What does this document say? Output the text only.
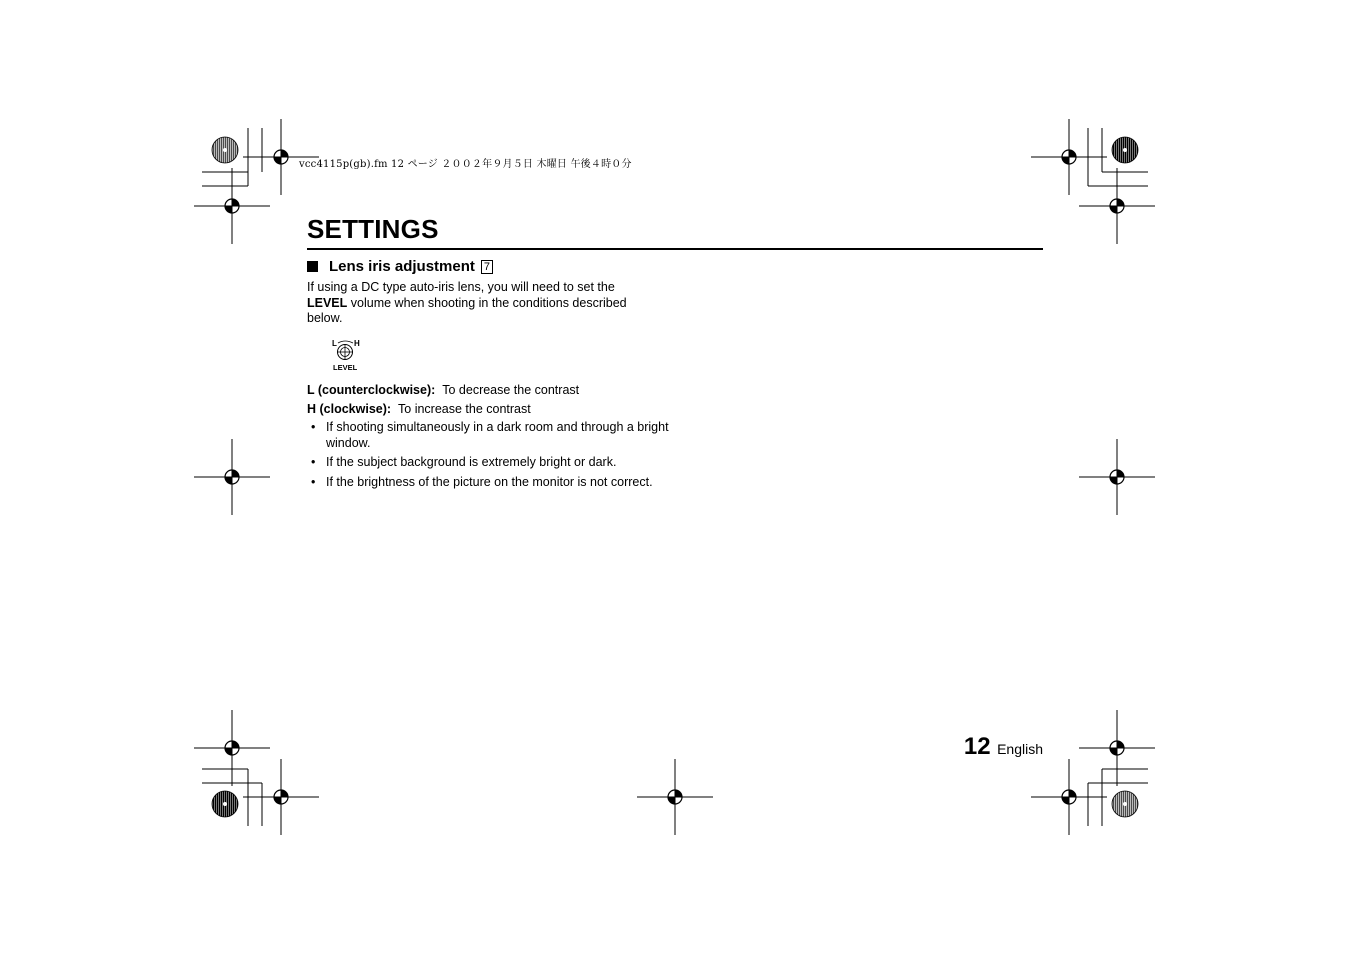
vcc4115p(gb).fm 12 ページ ２００２年９月５日 木曜日 午後４時０分
SETTINGS
Lens iris adjustment 7
If using a DC type auto-iris lens, you will need to set the LEVEL volume when shooting in the conditions described below.
L H
LEVEL
L (counterclockwise): To decrease the contrast
H (clockwise): To increase the contrast
• If shooting simultaneously in a dark room and through a bright window.
• If the subject background is extremely bright or dark.
• If the brightness of the picture on the monitor is not correct.
12 English
